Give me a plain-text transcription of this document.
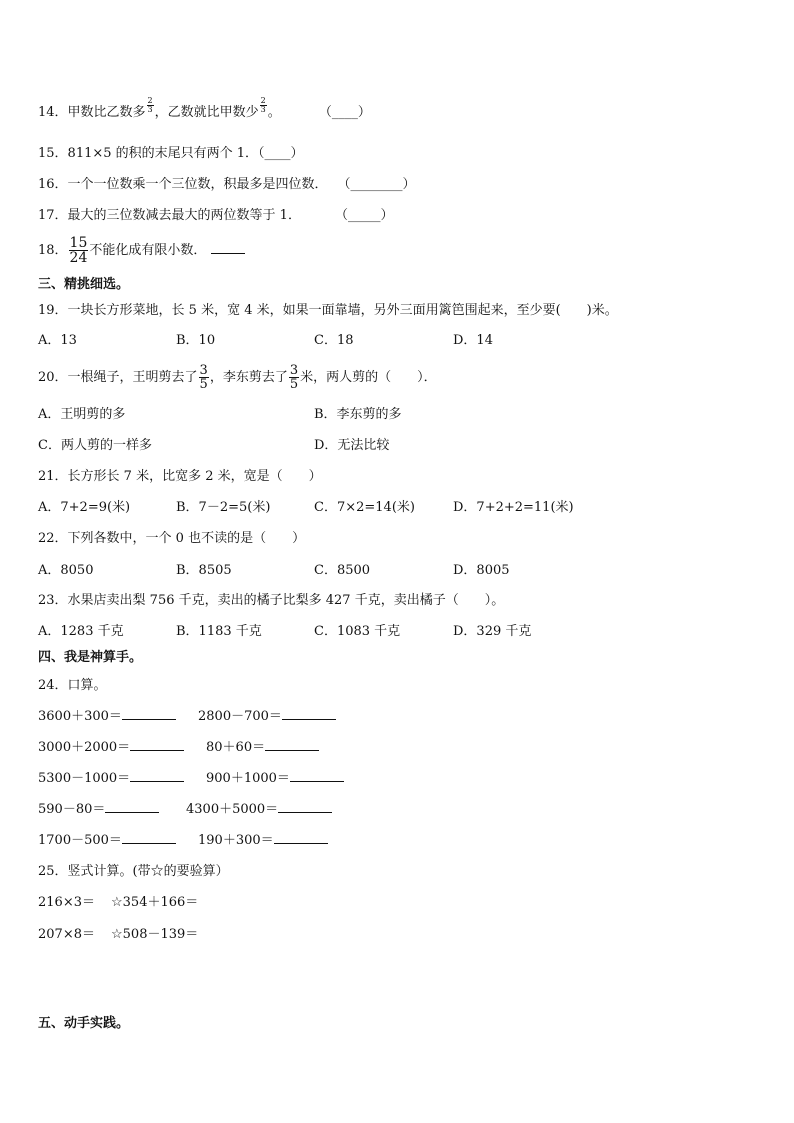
14．甲数比乙数多 $\frac{2}{3}$ ，乙数就比甲数少 $\frac{2}{3}$ 。	（____）
15．811×5 的积的末尾只有两个 1．（____）
16．一个一位数乘一个三位数，积最多是四位数． （________）
17．最大的三位数减去最大的两位数等于 1．	（_____）
18． $\frac{15}{24}$ 不能化成有限小数．
三、精挑细选。
19．一块长方形菜地，长 5 米，宽 4 米，如果一面靠墙，另外三面用篱笆围起来，至少要(　　)米。
A．13	B．10	C．18	D．14
20．一根绳子，王明剪去了 $\frac{3}{5}$ ，李东剪去了 $\frac{3}{5}$ 米，两人剪的（　　）．
A．王明剪的多	B．李东剪的多
C．两人剪的一样多	D．无法比较
21．长方形长 7 米，比宽多 2 米，宽是（　　）
A．7+2=9(米)	B．7－2=5(米)	C．7×2=14(米)	D．7+2+2=11(米)
22．下列各数中，一个 0 也不读的是（　　）
A．8050	B．8505	C．8500	D．8005
23．水果店卖出梨 756 千克，卖出的橘子比梨多 427 千克，卖出橘子（　　）。
A．1283 千克	B．1183 千克	C．1083 千克	D．329 千克
四、我是神算手。
24．口算。
3600＋300＝	2800－700＝
3000＋2000＝	80＋60＝
5300－1000＝	900＋1000＝
590－80＝	4300＋5000＝
1700－500＝	190＋300＝
25．竖式计算。(带☆的要验算）
216×3＝ ☆354＋166＝
207×8＝ ☆508－139＝
五、动手实践。
